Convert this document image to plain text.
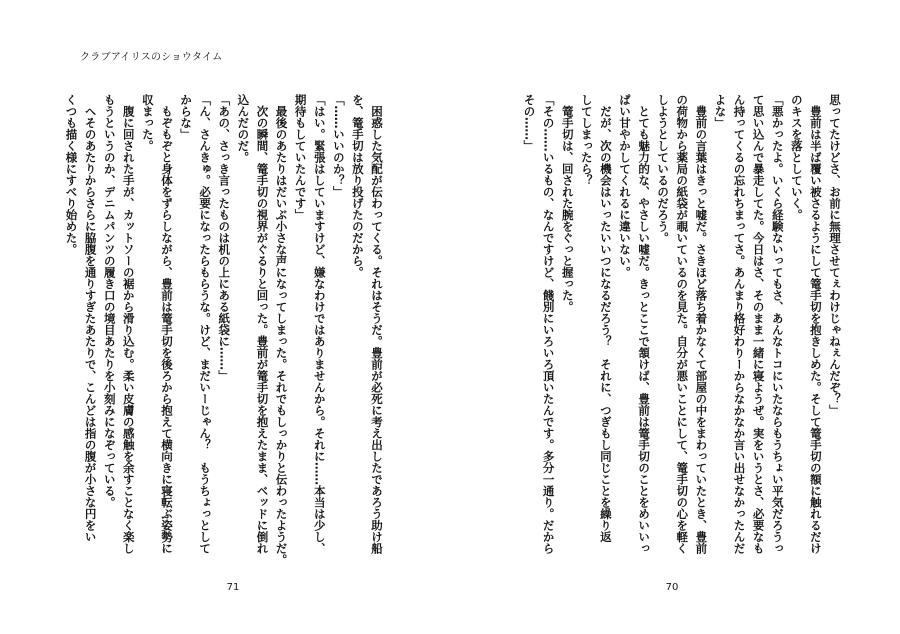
クラブアイリスのショウタイム
　困惑した気配が伝わってくる。それはそうだ。豊前が必死に考え出したであろう助け船
を、篭手切は放り投げたのだから。
「……いいのか？」
「はい。緊張はしていますけど、嫌なわけではありませんから。それに……本当は少し、
期待もしていたんです」
　最後のあたりはだいぶ小さな声になってしまった。それでもしっかりと伝わったようだ。
　次の瞬間、篭手切の視界がぐるりと回った。豊前が篭手切を抱えたまま、ベッドに倒れ
込んだのだ。
「あの、さっき言ったものは机の上にある紙袋に……」
「ん、さんきゅ。必要になったらもらうな。けど、まだいーじゃん？　もうちょっとして
からな」
　もぞもぞと身体をずらしながら、豊前は篭手切を後ろから抱えて横向きに寝転ぶ姿勢に
収まった。
　腹に回された手が、カットソーの裾から滑り込む。柔い皮膚の感触を余すことなく楽し
もうというのか、デニムパンツの履き口の境目あたりを小刻みになぞっている。
　へそのあたりからさらに脇腹を通りすぎたあたりで、こんどは指の腹が小さな円をい
くつも描く様にすべり始めた。
71
思ってたけどさ、お前に無理させてぇわけじゃねぇんだぞ？」
　豊前は半ば覆い被さるようにして篭手切を抱きしめた。そして篭手切の額に触れるだけ
のキスを落としていく。
「悪かったよ。いくら経験ないってもさ、あんなトコにいたならもうちょい平気だろうっ
て思い込んで暴走してた。今日はさ、そのまま一緒に寝ようぜ。実をいうとさ、必要なも
ん持ってくるの忘れちまってさ。あんまり格好わりーからなかなか言い出せなかったんだ
よな」
　豊前の言葉はきっと嘘だ。さきほど落ち着かなくて部屋の中をまわっていたとき、豊前
の荷物から薬局の紙袋が覗いているのを見た。自分が悪いことにして、篭手切の心を軽く
しようとしているのだろう。
　とても魅力的な、やさしい嘘だ。きっとここで頷けば、豊前は篭手切のことをめいいっ
ぱい甘やかしてくれるに違いない。
　だが、次の機会はいったいいつになるだろう？　それに、つぎもし同じことを繰り返
してしまったら？
　篭手切は、回された腕をぐっと握った。
「その……いるもの、なんですけど、餞別にいろいろ頂いたんです。多分一通り。だから
その……」
70
